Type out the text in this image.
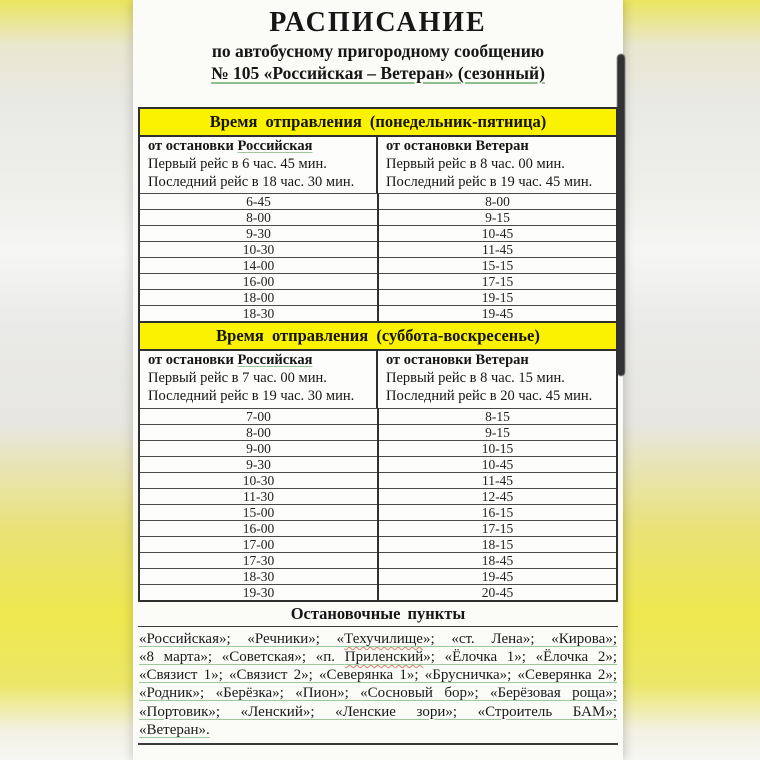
РАСПИСАНИЕ
по автобусному пригородному сообщению
№ 105 «Российская – Ветеран» (сезонный)
Время отправления (понедельник-пятница)
от остановки Российская
Первый рейс в 6 час. 45 мин.
Последний рейс в 18 час. 30 мин.
от остановки Ветеран
Первый рейс в 8 час. 00 мин.
Последний рейс в 19 час. 45 мин.
6-45	8-00
8-00	9-15
9-30	10-45
10-30	11-45
14-00	15-15
16-00	17-15
18-00	19-15
18-30	19-45
Время отправления (суббота-воскресенье)
от остановки Российская
Первый рейс в 7 час. 00 мин.
Последний рейс в 19 час. 30 мин.
от остановки Ветеран
Первый рейс в 8 час. 15 мин.
Последний рейс в 20 час. 45 мин.
7-00	8-15
8-00	9-15
9-00	10-15
9-30	10-45
10-30	11-45
11-30	12-45
15-00	16-15
16-00	17-15
17-00	18-15
17-30	18-45
18-30	19-45
19-30	20-45
Остановочные пункты
«Российская»; «Речники»; «Техучилище»; «ст. Лена»; «Кирова»;
«8 марта»; «Советская»; «п. Приленский»; «Ёлочка 1»; «Ёлочка 2»;
«Связист 1»; «Связист 2»; «Северянка 1»; «Брусничка»; «Северянка 2»;
«Родник»; «Берёзка»; «Пион»; «Сосновый бор»; «Берёзовая роща»;
«Портовик»; «Ленский»; «Ленские зори»; «Строитель БАМ»;
«Ветеран».
